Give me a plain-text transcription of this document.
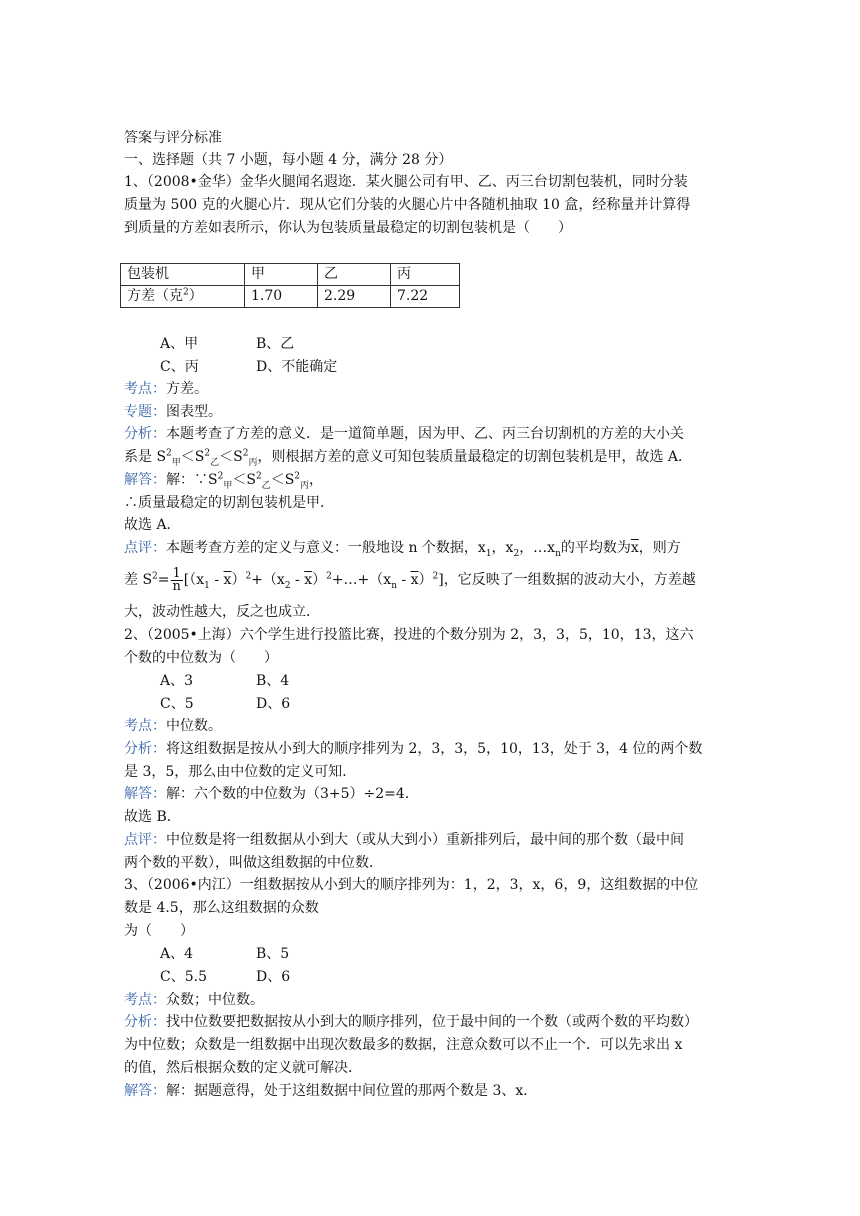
答案与评分标准
一、选择题（共 7 小题，每小题 4 分，满分 28 分）
1、（2008•金华）金华火腿闻名遐迩．某火腿公司有甲、乙、丙三台切割包装机，同时分装
质量为 500 克的火腿心片．现从它们分装的火腿心片中各随机抽取 10 盒，经称量并计算得
到质量的方差如表所示，你认为包装质量最稳定的切割包装机是（　　）
包装机	甲	乙	丙
方差（克$^2$）	1.70	2.29	7.22
A、甲	B、乙
C、丙	D、不能确定
考点：方差。
专题：图表型。
分析：本题考查了方差的意义．是一道简单题，因为甲、乙、丙三台切割机的方差的大小关
系是 $S^2_甲<S^2_乙<S^2_丙$，则根据方差的意义可知包装质量最稳定的切割包装机是甲，故选 A．
解答：解：$\because S^2_甲<S^2_乙<S^2_丙$，
∴质量最稳定的切割包装机是甲．
故选 A．
点评：本题考查方差的定义与意义：一般地设 n 个数据，$x_1$，$x_2$，$\dots x_n$的平均数为$\overline{x}$，则方
差 $S^2= \frac{1}{n} [(x_1 - \overline{x})^2+(x_2$ - $\overline{x})^2+\dots+(x_n - \overline{x})^2$]，它反映了一组数据的波动大小，方差越
大，波动性越大，反之也成立．
2、（2005•上海）六个学生进行投篮比赛，投进的个数分别为 2，3，3，5，10，13，这六
个数的中位数为（　　）
A、3	B、4
C、5	D、6
考点：中位数。
分析：将这组数据是按从小到大的顺序排列为 2，3，3，5，10，13，处于 3，4 位的两个数
是 3，5，那么由中位数的定义可知．
解答：解：六个数的中位数为（3+5）÷2=4．
故选 B．
点评：中位数是将一组数据从小到大（或从大到小）重新排列后，最中间的那个数（最中间
两个数的平数），叫做这组数据的中位数．
3、（2006•内江）一组数据按从小到大的顺序排列为：1，2，3，x，6，9，这组数据的中位
数是 4.5，那么这组数据的众数
为（　　）
A、4	B、5
C、5.5	D、6
考点：众数；中位数。
分析：找中位数要把数据按从小到大的顺序排列，位于最中间的一个数（或两个数的平均数）
为中位数；众数是一组数据中出现次数最多的数据，注意众数可以不止一个．可以先求出 x
的值，然后根据众数的定义就可解决．
解答：解：据题意得，处于这组数据中间位置的那两个数是 3、x．
